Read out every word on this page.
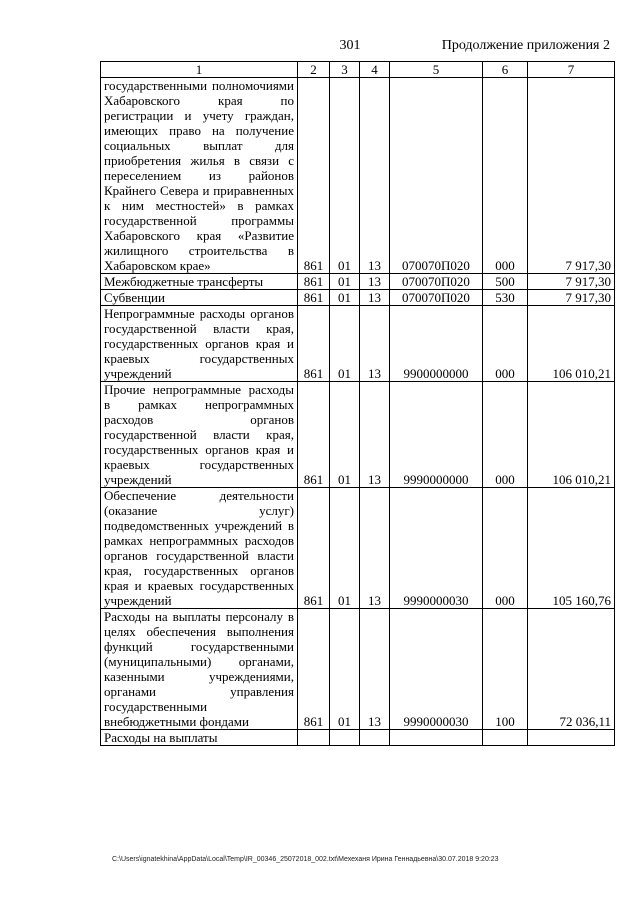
301	Продолжение приложения 2
1	2	3	4	5	6	7
государственными полномочиями Хабаровского края по регистрации и учету граждан, имеющих право на получение социальных выплат для приобретения жилья в связи с переселением из районов Крайнего Севера и приравненных к ним местностей» в рамках государственной программы Хабаровского края «Развитие жилищного строительства в Хабаровском крае»	861	01	13	070070П020	000	7 917,30
Межбюджетные трансферты	861	01	13	070070П020	500	7 917,30
Субвенции	861	01	13	070070П020	530	7 917,30
Непрограммные расходы органов государственной власти края, государственных органов края и краевых государственных учреждений	861	01	13	9900000000	000	106 010,21
Прочие непрограммные расходы в рамках непрограммных расходов органов государственной власти края, государственных органов края и краевых государственных учреждений	861	01	13	9990000000	000	106 010,21
Обеспечение деятельности (оказание услуг) подведомственных учреждений в рамках непрограммных расходов органов государственной власти края, государственных органов края и краевых государственных учреждений	861	01	13	9990000030	000	105 160,76
Расходы на выплаты персоналу в целях обеспечения выполнения функций государственными (муниципальными) органами, казенными учреждениями, органами управления государственными внебюджетными фондами	861	01	13	9990000030	100	72 036,11
Расходы на выплаты						
C:\Users\ignatekhina\AppData\Local\Temp\IR_00346_25072018_002.txt\Мехеханя Ирина Геннадьевна\30.07.2018 9:20:23
